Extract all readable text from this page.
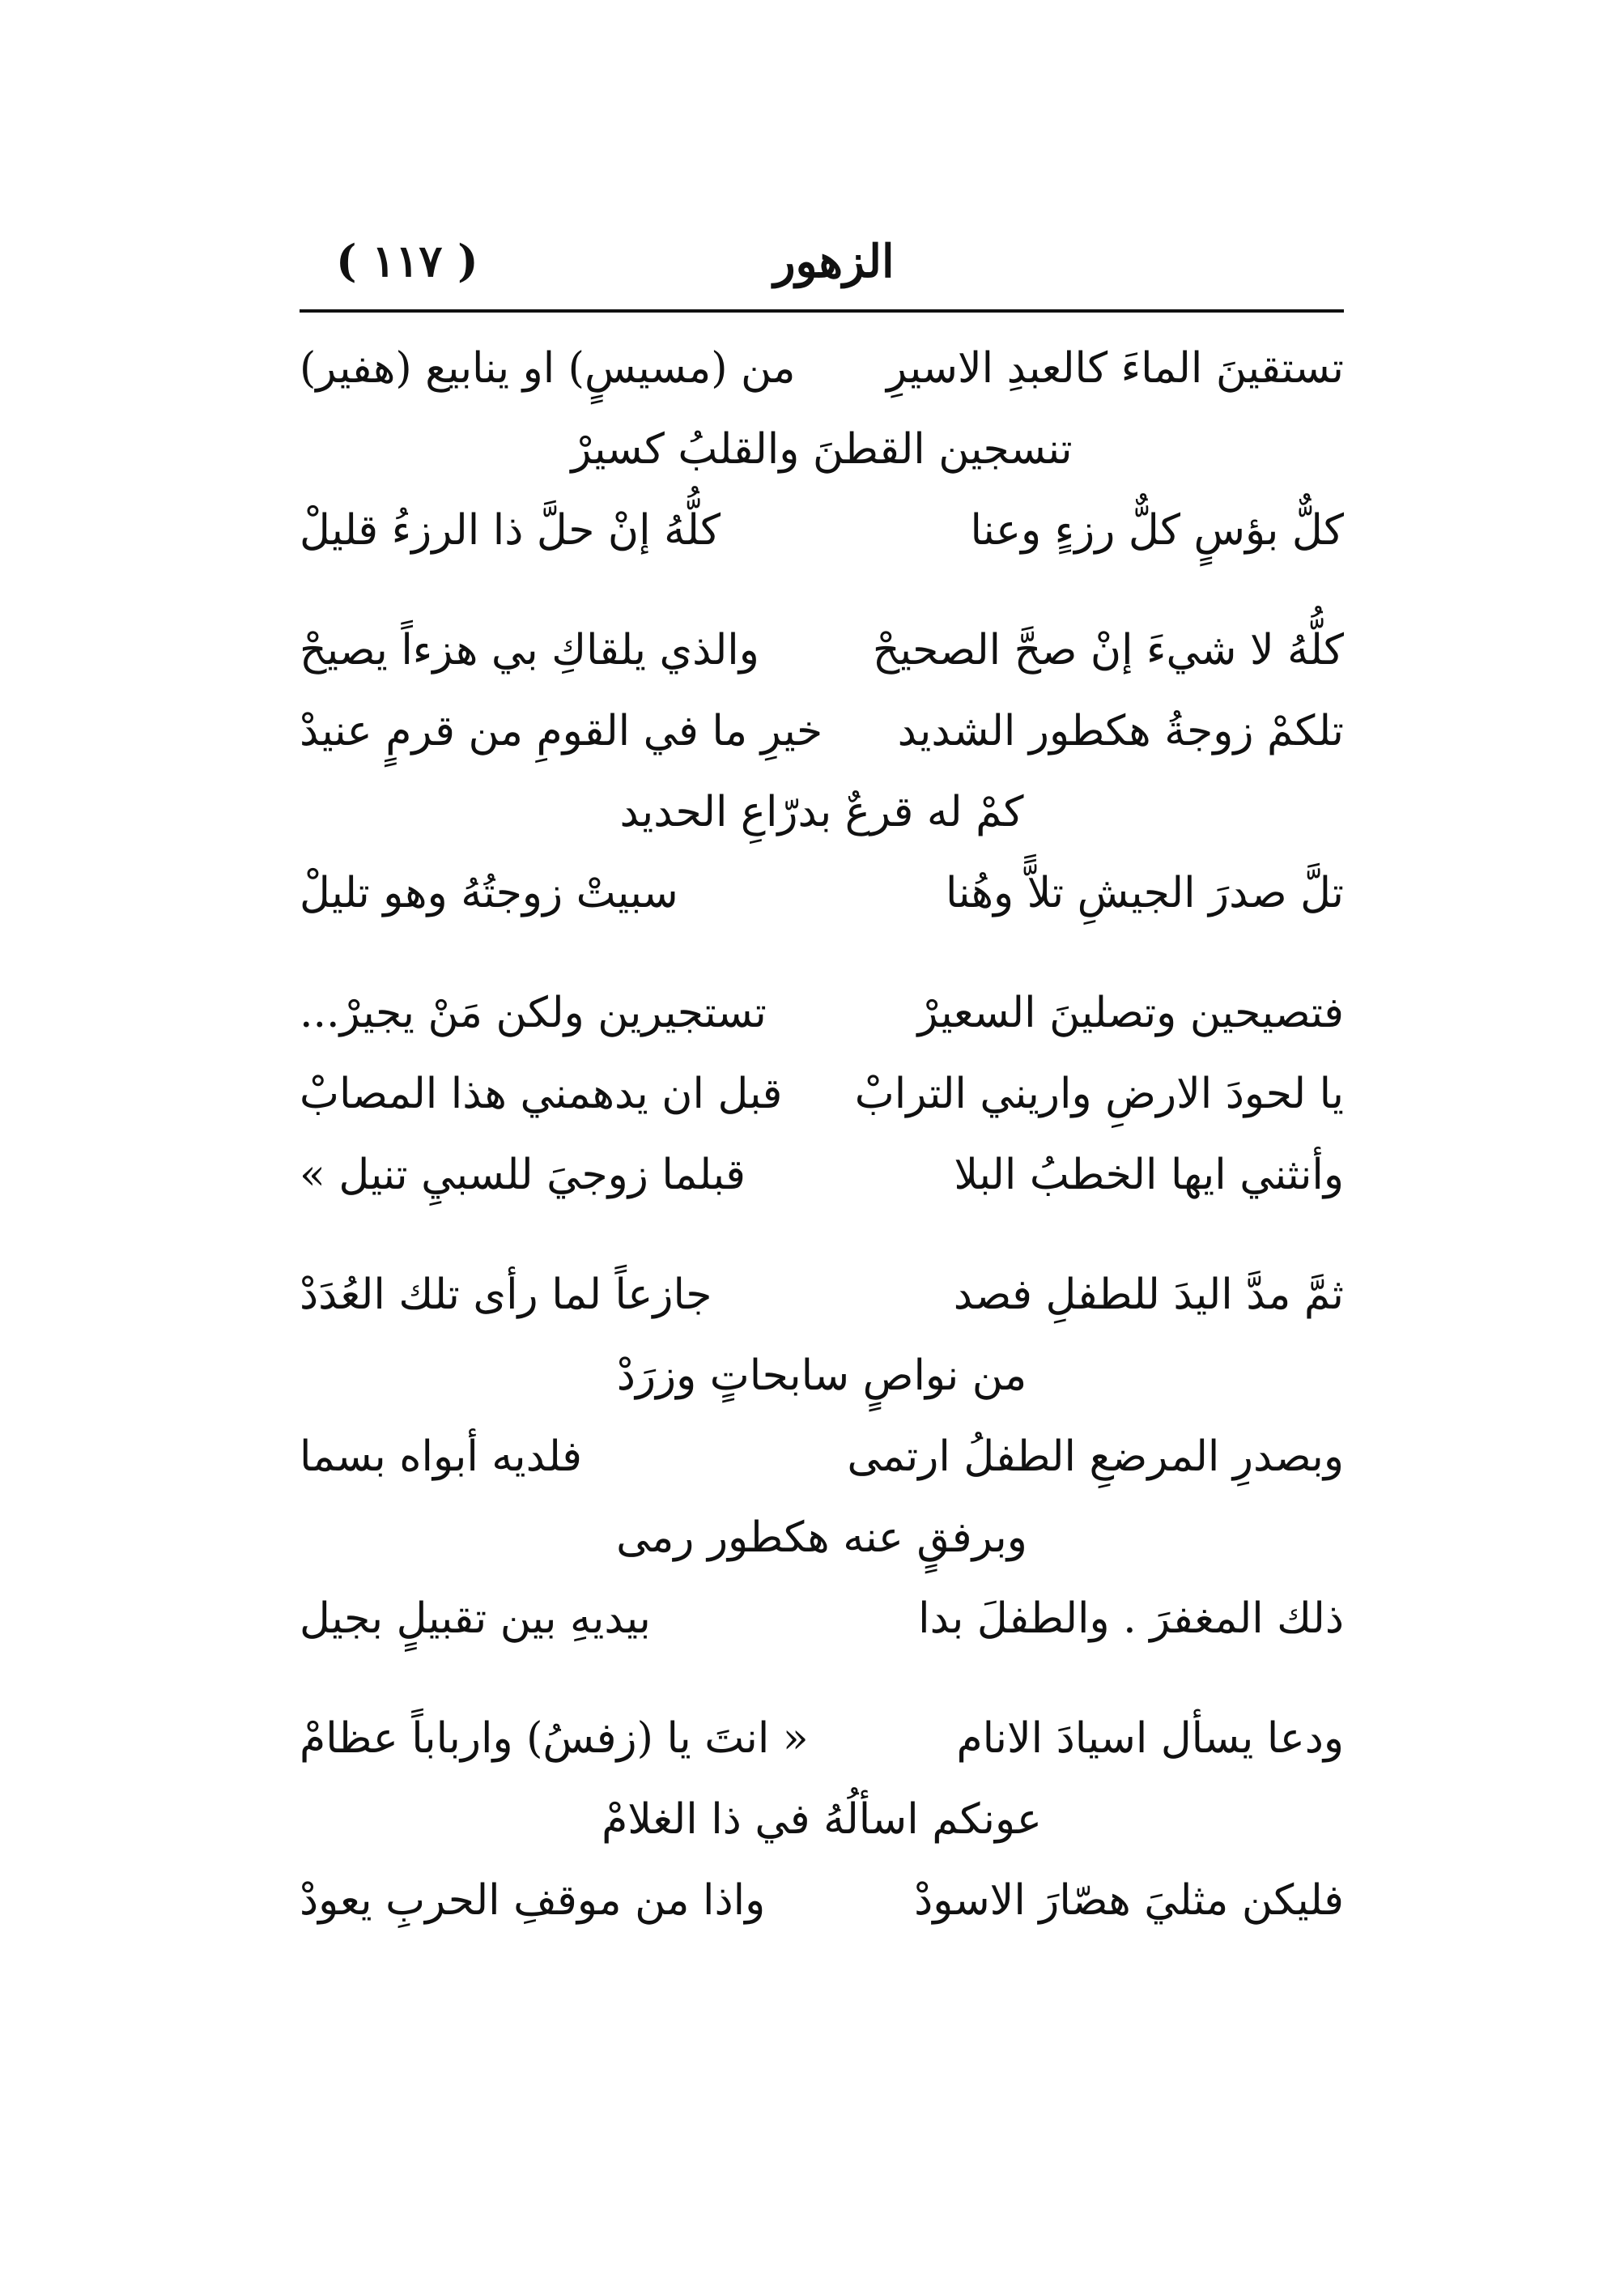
الزهور
( ١١٧ )
تستقينَ الماءَ كالعبدِ الاسيرِ
من (مسيسٍ) او ينابيع (هفير)
تنسجين القطنَ والقلبُ كسيرْ
كلٌّ بؤسٍ كلٌّ رزءٍ وعنا
كلُّهُ إنْ حلَّ ذا الرزءُ قليلْ
كلُّهُ لا شيءَ إنْ صحَّ الصحيحْ
والذي يلقاكِ بي هزءاً يصيحْ
تلكمْ زوجةُ هكطور الشديد
خيرِ ما في القومِ من قرمٍ عنيدْ
كمْ له قرعٌ بدرّاعِ الحديد
تلَّ صدرَ الجيشِ تلاًّ وهُنا
سبيتْ زوجتُهُ وهو تليلْ
فتصيحين وتصلينَ السعيرْ
تستجيرين ولكن مَنْ يجيرْ...
يا لحودَ الارضِ واريني الترابْ
قبل ان يدهمني هذا المصابْ
وأنثني ايها الخطبُ البلا
قبلما زوجيَ للسبيِ تنيل »
ثمَّ مدَّ اليدَ للطفلِ فصد
جازعاً لما رأى تلك العُدَدْ
من نواصٍ سابحاتٍ وزرَدْ
وبصدرِ المرضعِ الطفلُ ارتمى
فلديه أبواه بسما
وبرفقٍ عنه هكطور رمى
ذلك المغفرَ . والطفلَ بدا
بيديهِ بين تقبيلٍ بجيل
ودعا يسأل اسيادَ الانام
« انتَ يا (زفسُ) وارباباً عظامْ
عونكم اسألُهُ في ذا الغلامْ
فليكن مثليَ هصّارَ الاسودْ
واذا من موقفِ الحربِ يعودْ
